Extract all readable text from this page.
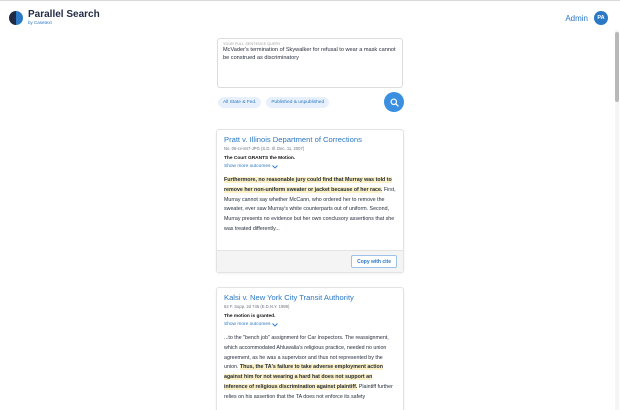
Parallel Search
by Casetext	Admin	PA
YOUR FULL SENTENCE QUERY
McVader's termination of Skywalker for refusal to wear a mask cannot be construed as discriminatory
All State & Fed.	Published & unpublished
Pratt v. Illinois Department of Corrections
No. 06-cv-847-JPG (S.D. Ill. Dec. 11, 2007)
The Court GRANTS the Motion.
Show more outcomes
Furthermore, no reasonable jury could find that Murray was told to remove her non-uniform sweater or jacket because of her race. First, Murray cannot say whether McCann, who ordered her to remove the sweater, ever saw Murray's white counterparts out of uniform. Second, Murray presents no evidence but her own conclusory assertions that she was treated differently...
Copy with cite
Kalsi v. New York City Transit Authority
62 F. Supp. 2d 745 (E.D.N.Y. 1998)
The motion is granted.
Show more outcomes
...to the "bench job" assignment for Car Inspectors. The reassignment, which accommodated Ahluwalia's religious practice, needed no union agreement, as he was a supervisor and thus not represented by the union. Thus, the TA's failure to take adverse employment action against him for not wearing a hard hat does not support an inference of religious discrimination against plaintiff. Plaintiff further relies on his assertion that the TA does not enforce its safety
